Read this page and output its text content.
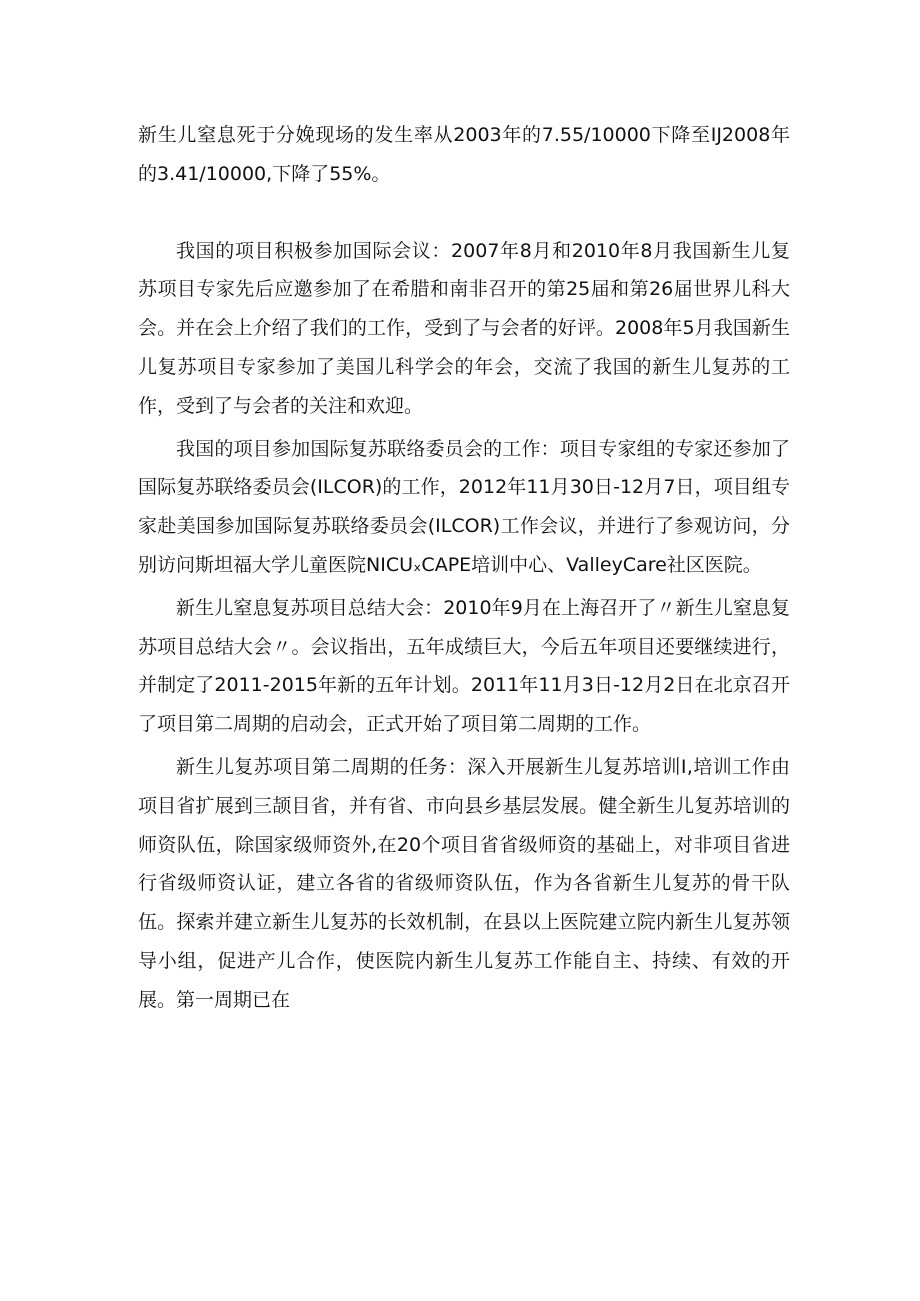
新生儿窒息死于分娩现场的发生率从2003年的7.55/10000下降至IJ2008年的3.41/10000,下降了55%。

我国的项目积极参加国际会议：2007年8月和2010年8月我国新生儿复苏项目专家先后应邀参加了在希腊和南非召开的第25届和第26届世界儿科大会。并在会上介绍了我们的工作，受到了与会者的好评。2008年5月我国新生儿复苏项目专家参加了美国儿科学会的年会，交流了我国的新生儿复苏的工作，受到了与会者的关注和欢迎。

我国的项目参加国际复苏联络委员会的工作：项目专家组的专家还参加了国际复苏联络委员会(ILCOR)的工作，2012年11月30日-12月7日，项目组专家赴美国参加国际复苏联络委员会(ILCOR)工作会议，并进行了参观访问，分别访问斯坦福大学儿童医院NICUₓCAPE培训中心、ValleyCare社区医院。

新生儿窒息复苏项目总结大会：2010年9月在上海召开了〃新生儿窒息复苏项目总结大会〃。会议指出，五年成绩巨大，今后五年项目还要继续进行，并制定了2011-2015年新的五年计划。2011年11月3日-12月2日在北京召开了项目第二周期的启动会，正式开始了项目第二周期的工作。

新生儿复苏项目第二周期的任务：深入开展新生儿复苏培训Ⅰ,培训工作由项目省扩展到三颉目省，并有省、市向县乡基层发展。健全新生儿复苏培训的师资队伍，除国家级师资外,在20个项目省省级师资的基础上，对非项目省进行省级师资认证，建立各省的省级师资队伍，作为各省新生儿复苏的骨干队伍。探索并建立新生儿复苏的长效机制，在县以上医院建立院内新生儿复苏领导小组，促进产儿合作，使医院内新生儿复苏工作能自主、持续、有效的开展。第一周期已在
